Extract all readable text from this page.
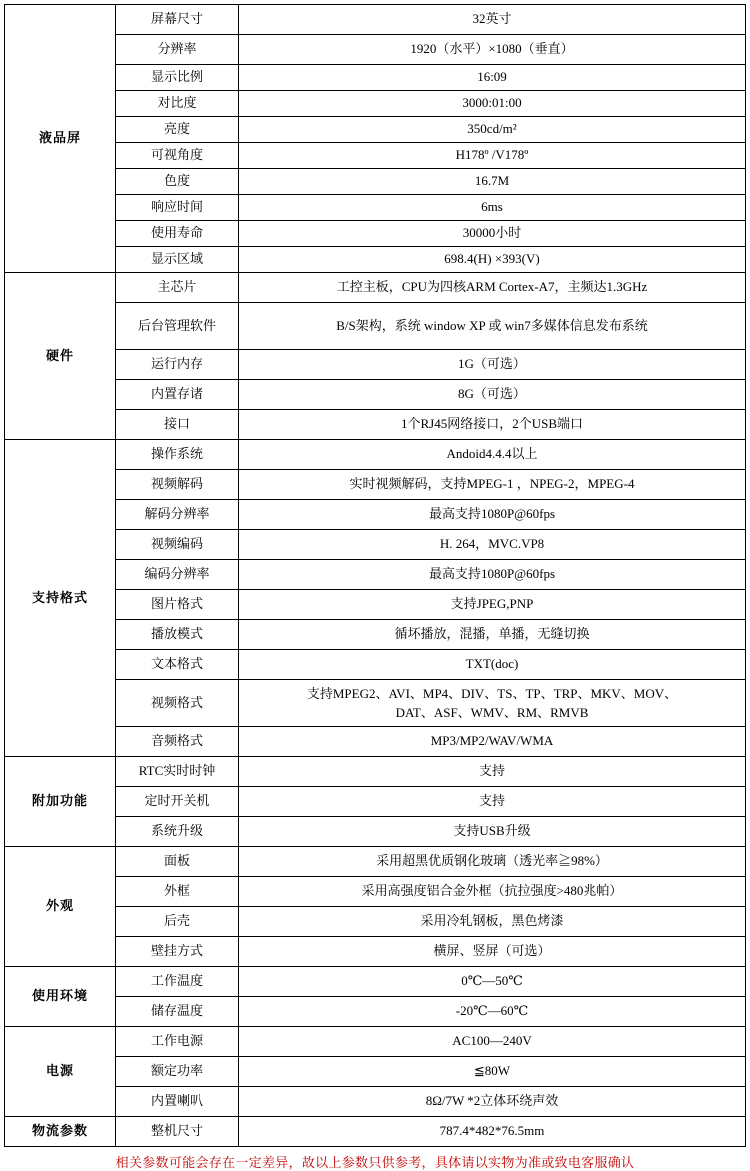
液品屏	屏幕尺寸	32英寸
	分辨率	1920（水平）×1080（垂直）
	显示比例	16:09
	对比度	3000:01:00
	亮度	350cd/m²
	可视角度	H178º /V178º
	色度	16.7M
	响应时间	6ms
	使用寿命	30000小时
	显示区域	698.4(H) ×393(V)
硬件	主芯片	工控主板，CPU为四核ARM Cortex-A7，主频达1.3GHz
	后台管理软件	B/S架构，系统 window XP 或 win7多媒体信息发布系统
	运行内存	1G（可选）
	内置存诸	8G（可选）
	接口	1个RJ45网络接口，2个USB端口
支持格式	操作系统	Andoid4.4.4以上
	视频解码	实时视频解码，支持MPEG-1 ，NPEG-2，MPEG-4
	解码分辨率	最高支持1080P@60fps
	视频编码	H. 264，MVC.VP8
	编码分辨率	最高支持1080P@60fps
	图片格式	支持JPEG,PNP
	播放模式	循坏播放，混播，单播，无缝切换
	文本格式	TXT(doc)
	视频格式	支持MPEG2、AVI、MP4、DIV、TS、TP、TRP、MKV、MOV、
DAT、ASF、WMV、RM、RMVB

	音频格式	MP3/MP2/WAV/WMA
附加功能	RTC实时时钟	支持
	定时开关机	支持
	系统升级	支持USB升级
外观	面板	采用超黑优质钢化玻璃（透光率≧98%）
	外框	采用高强度铝合金外框（抗拉强度>480兆帕）
	后壳	采用冷轧钢板，黑色烤漆
	壁挂方式	横屏、竖屏（可选）
使用环境	工作温度	0℃—50℃
	储存温度	-20℃—60℃
电源	工作电源	AC100—240V
	额定功率	≦80W
	内置喇叭	8Ω/7W *2立体环绕声效
物流参数	整机尺寸	787.4*482*76.5mm
相关参数可能会存在一定差异，故以上参数只供参考，具体请以实物为准或致电客服确认
